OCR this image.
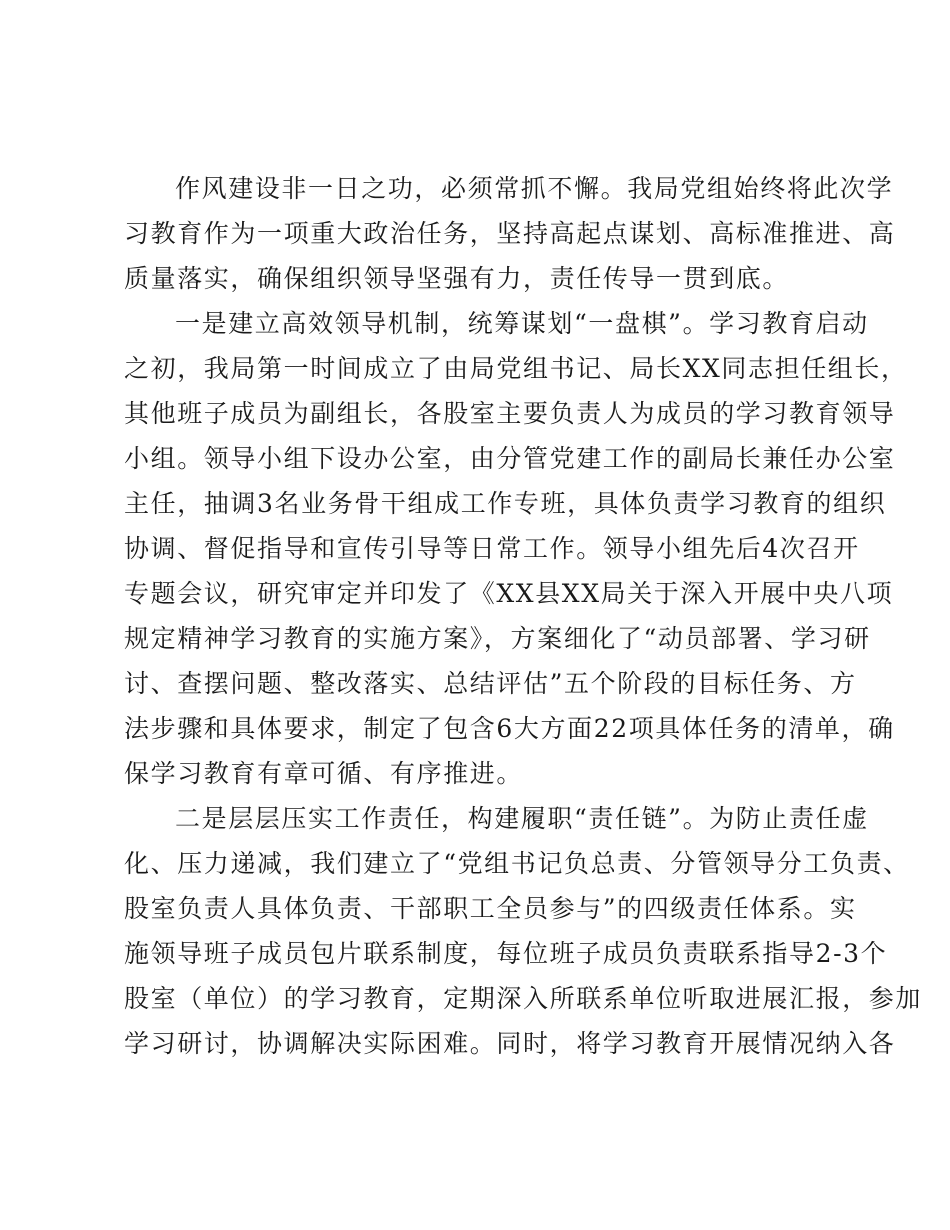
作风建设非一日之功，必须常抓不懈。我局党组始终将此次学
习教育作为一项重大政治任务，坚持高起点谋划、高标准推进、高
质量落实，确保组织领导坚强有力，责任传导一贯到底。
一是建立高效领导机制，统筹谋划“一盘棋”。学习教育启动
之初，我局第一时间成立了由局党组书记、局长XX同志担任组长，
其他班子成员为副组长，各股室主要负责人为成员的学习教育领导
小组。领导小组下设办公室，由分管党建工作的副局长兼任办公室
主任，抽调3名业务骨干组成工作专班，具体负责学习教育的组织
协调、督促指导和宣传引导等日常工作。领导小组先后4次召开
专题会议，研究审定并印发了《XX县XX局关于深入开展中央八项
规定精神学习教育的实施方案》，方案细化了“动员部署、学习研
讨、查摆问题、整改落实、总结评估”五个阶段的目标任务、方
法步骤和具体要求，制定了包含6大方面22项具体任务的清单，确
保学习教育有章可循、有序推进。
二是层层压实工作责任，构建履职“责任链”。为防止责任虚
化、压力递减，我们建立了“党组书记负总责、分管领导分工负责、
股室负责人具体负责、干部职工全员参与”的四级责任体系。实
施领导班子成员包片联系制度，每位班子成员负责联系指导2-3个
股室（单位）的学习教育，定期深入所联系单位听取进展汇报，参加
学习研讨，协调解决实际困难。同时，将学习教育开展情况纳入各
